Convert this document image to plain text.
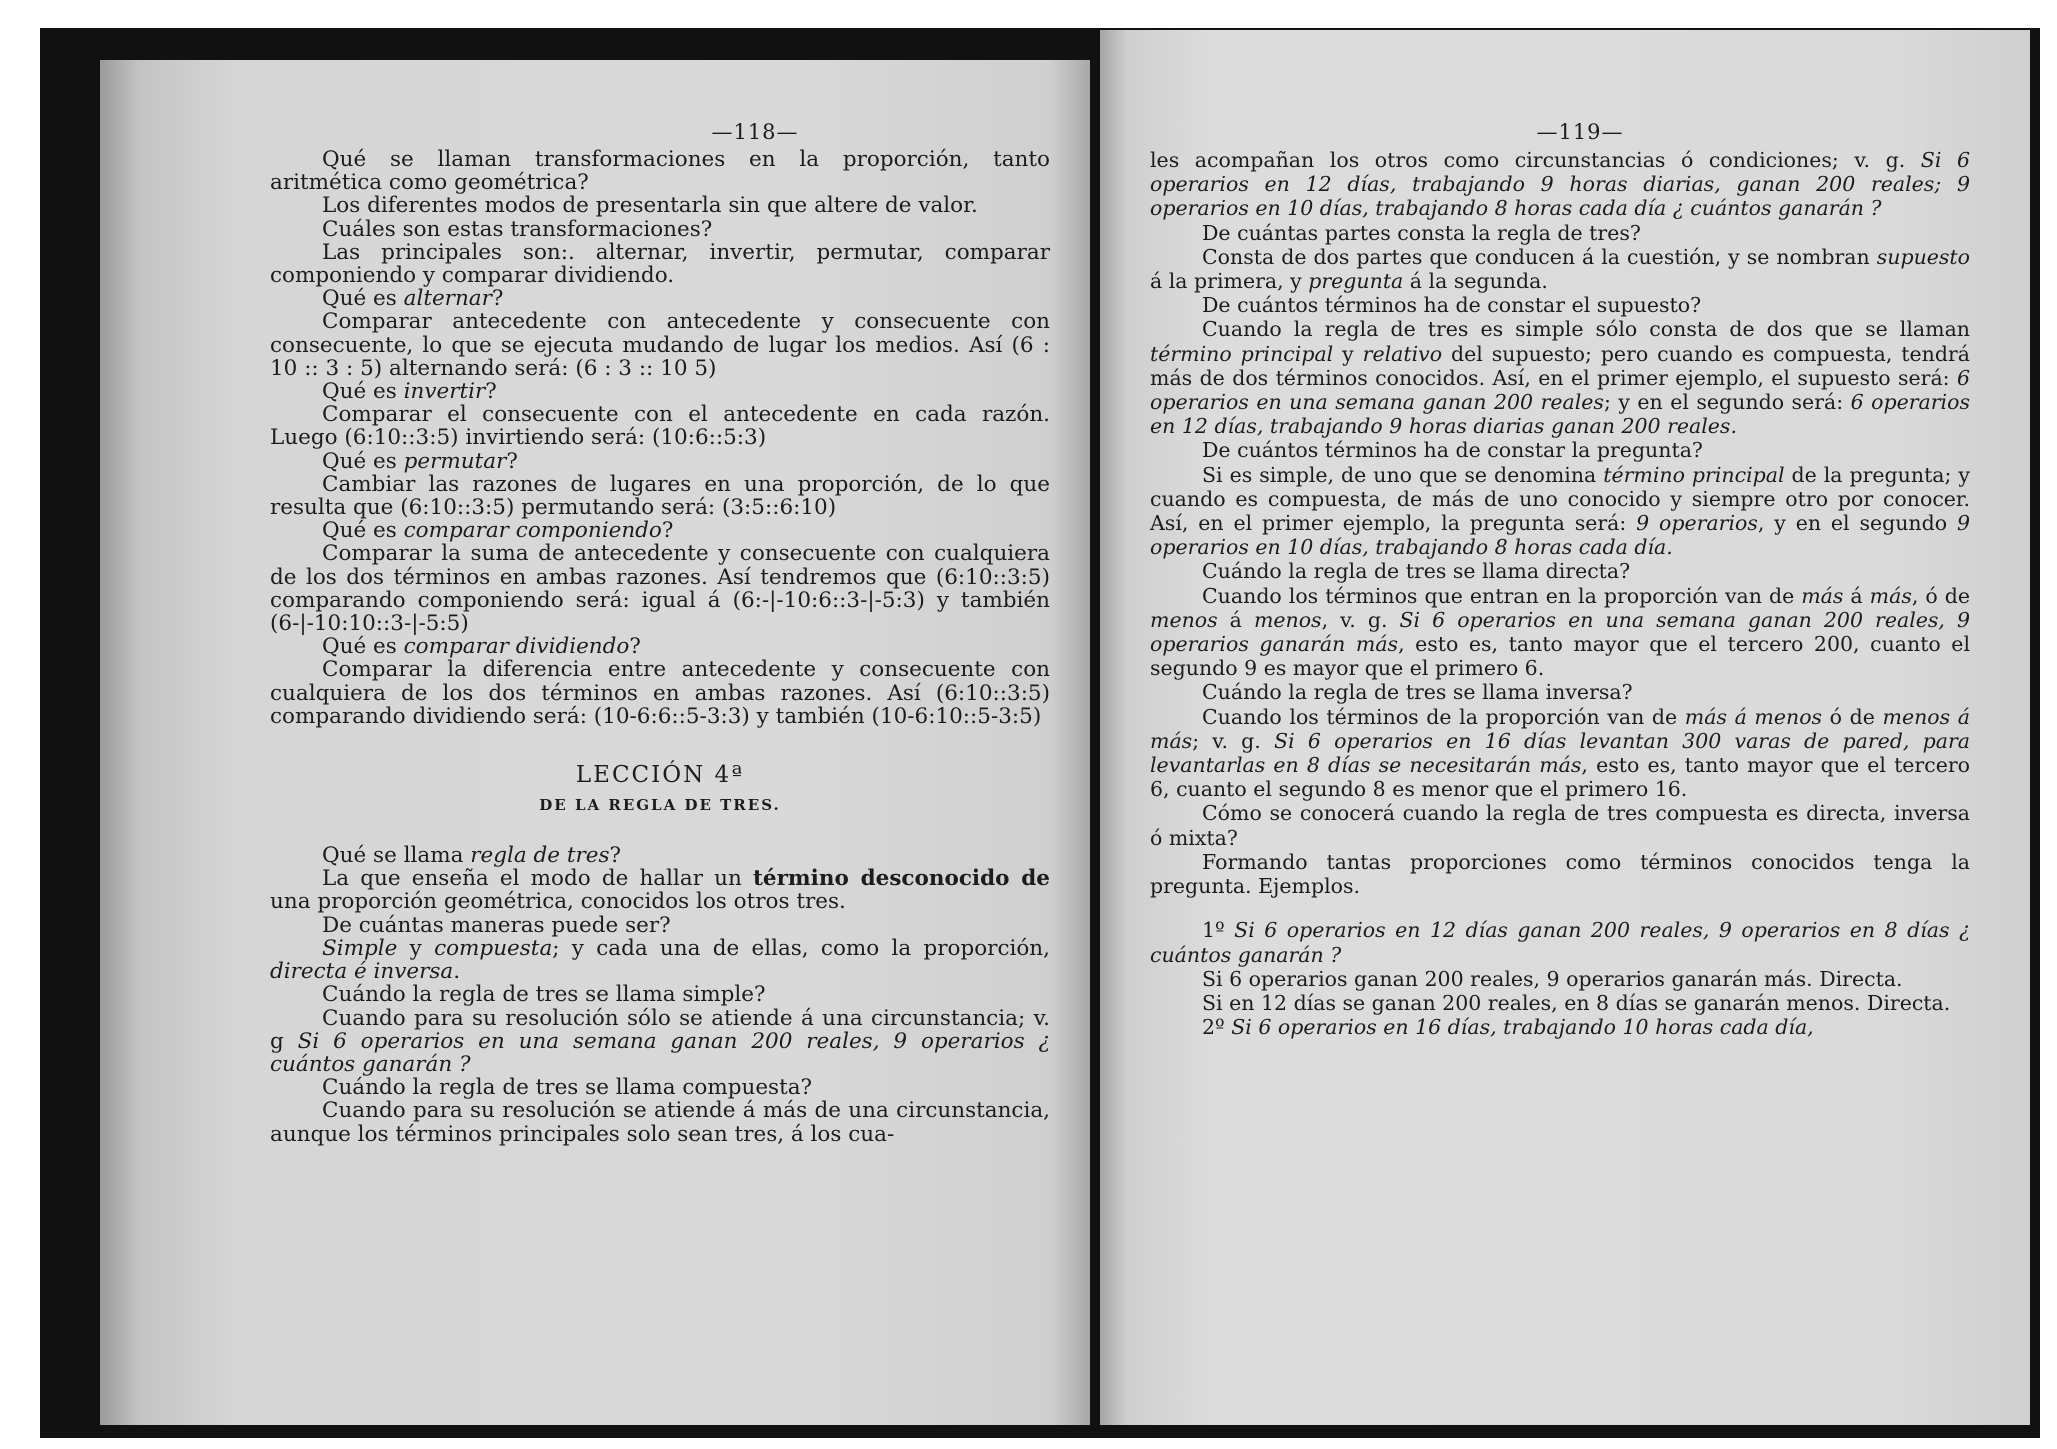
—118—

Qué se llaman transformaciones en la proporción, tanto aritmética como geométrica?

Los diferentes modos de presentarla sin que altere de valor.

Cuáles son estas transformaciones?

Las principales son:. alternar, invertir, permutar, comparar componiendo y comparar dividiendo.

Qué es alternar?

Comparar antecedente con antecedente y consecuente con consecuente, lo que se ejecuta mudando de lugar los medios. Así (6 : 10 :: 3 : 5) alternando será: (6 : 3 :: 10 5)

Qué es invertir?

Comparar el consecuente con el antecedente en cada razón. Luego (6:10::3:5) invirtiendo será: (10:6::5:3)

Qué es permutar?

Cambiar las razones de lugares en una proporción, de lo que resulta que (6:10::3:5) permutando será: (3:5::6:10)

Qué es comparar componiendo?

Comparar la suma de antecedente y consecuente con cualquiera de los dos términos en ambas razones. Así tendremos que (6:10::3:5) comparando componiendo será: igual á (6:-|-10:6::3-|-5:3) y también (6-|-10:10::3-|-5:5)

Qué es comparar dividiendo?

Comparar la diferencia entre antecedente y consecuente con cualquiera de los dos términos en ambas razones. Así (6:10::3:5) comparando dividiendo será: (10-6:6::5-3:3) y también (10-6:10::5-3:5)

LECCIÓN 4ª
DE LA REGLA DE TRES.

Qué se llama regla de tres?

La que enseña el modo de hallar un término desconocido de una proporción geométrica, conocidos los otros tres.

De cuántas maneras puede ser?

Simple y compuesta; y cada una de ellas, como la proporción, directa é inversa.

Cuándo la regla de tres se llama simple?

Cuando para su resolución sólo se atiende á una circunstancia; v. g Si 6 operarios en una semana ganan 200 reales, 9 operarios ¿ cuántos ganarán ?

Cuándo la regla de tres se llama compuesta?

Cuando para su resolución se atiende á más de una circunstancia, aunque los términos principales solo sean tres, á los cua-

—119—

les acompañan los otros como circunstancias ó condiciones; v. g. Si 6 operarios en 12 días, trabajando 9 horas diarias, ganan 200 reales; 9 operarios en 10 días, trabajando 8 horas cada día ¿ cuántos ganarán ?

De cuántas partes consta la regla de tres?

Consta de dos partes que conducen á la cuestión, y se nombran supuesto á la primera, y pregunta á la segunda.

De cuántos términos ha de constar el supuesto?

Cuando la regla de tres es simple sólo consta de dos que se llaman término principal y relativo del supuesto; pero cuando es compuesta, tendrá más de dos términos conocidos. Así, en el primer ejemplo, el supuesto será: 6 operarios en una semana ganan 200 reales; y en el segundo será: 6 operarios en 12 días, trabajando 9 horas diarias ganan 200 reales.

De cuántos términos ha de constar la pregunta?

Si es simple, de uno que se denomina término principal de la pregunta; y cuando es compuesta, de más de uno conocido y siempre otro por conocer. Así, en el primer ejemplo, la pregunta será: 9 operarios, y en el segundo 9 operarios en 10 días, trabajando 8 horas cada día.

Cuándo la regla de tres se llama directa?

Cuando los términos que entran en la proporción van de más á más, ó de menos á menos, v. g. Si 6 operarios en una semana ganan 200 reales, 9 operarios ganarán más, esto es, tanto mayor que el tercero 200, cuanto el segundo 9 es mayor que el primero 6.

Cuándo la regla de tres se llama inversa?

Cuando los términos de la proporción van de más á menos ó de menos á más; v. g. Si 6 operarios en 16 días levantan 300 varas de pared, para levantarlas en 8 días se necesitarán más, esto es, tanto mayor que el tercero 6, cuanto el segundo 8 es menor que el primero 16.

Cómo se conocerá cuando la regla de tres compuesta es directa, inversa ó mixta?

Formando tantas proporciones como términos conocidos tenga la pregunta. Ejemplos.

1º Si 6 operarios en 12 días ganan 200 reales, 9 operarios en 8 días ¿ cuántos ganarán ?

Si 6 operarios ganan 200 reales, 9 operarios ganarán más. Directa.

Si en 12 días se ganan 200 reales, en 8 días se ganarán menos. Directa.

2º Si 6 operarios en 16 días, trabajando 10 horas cada día,
